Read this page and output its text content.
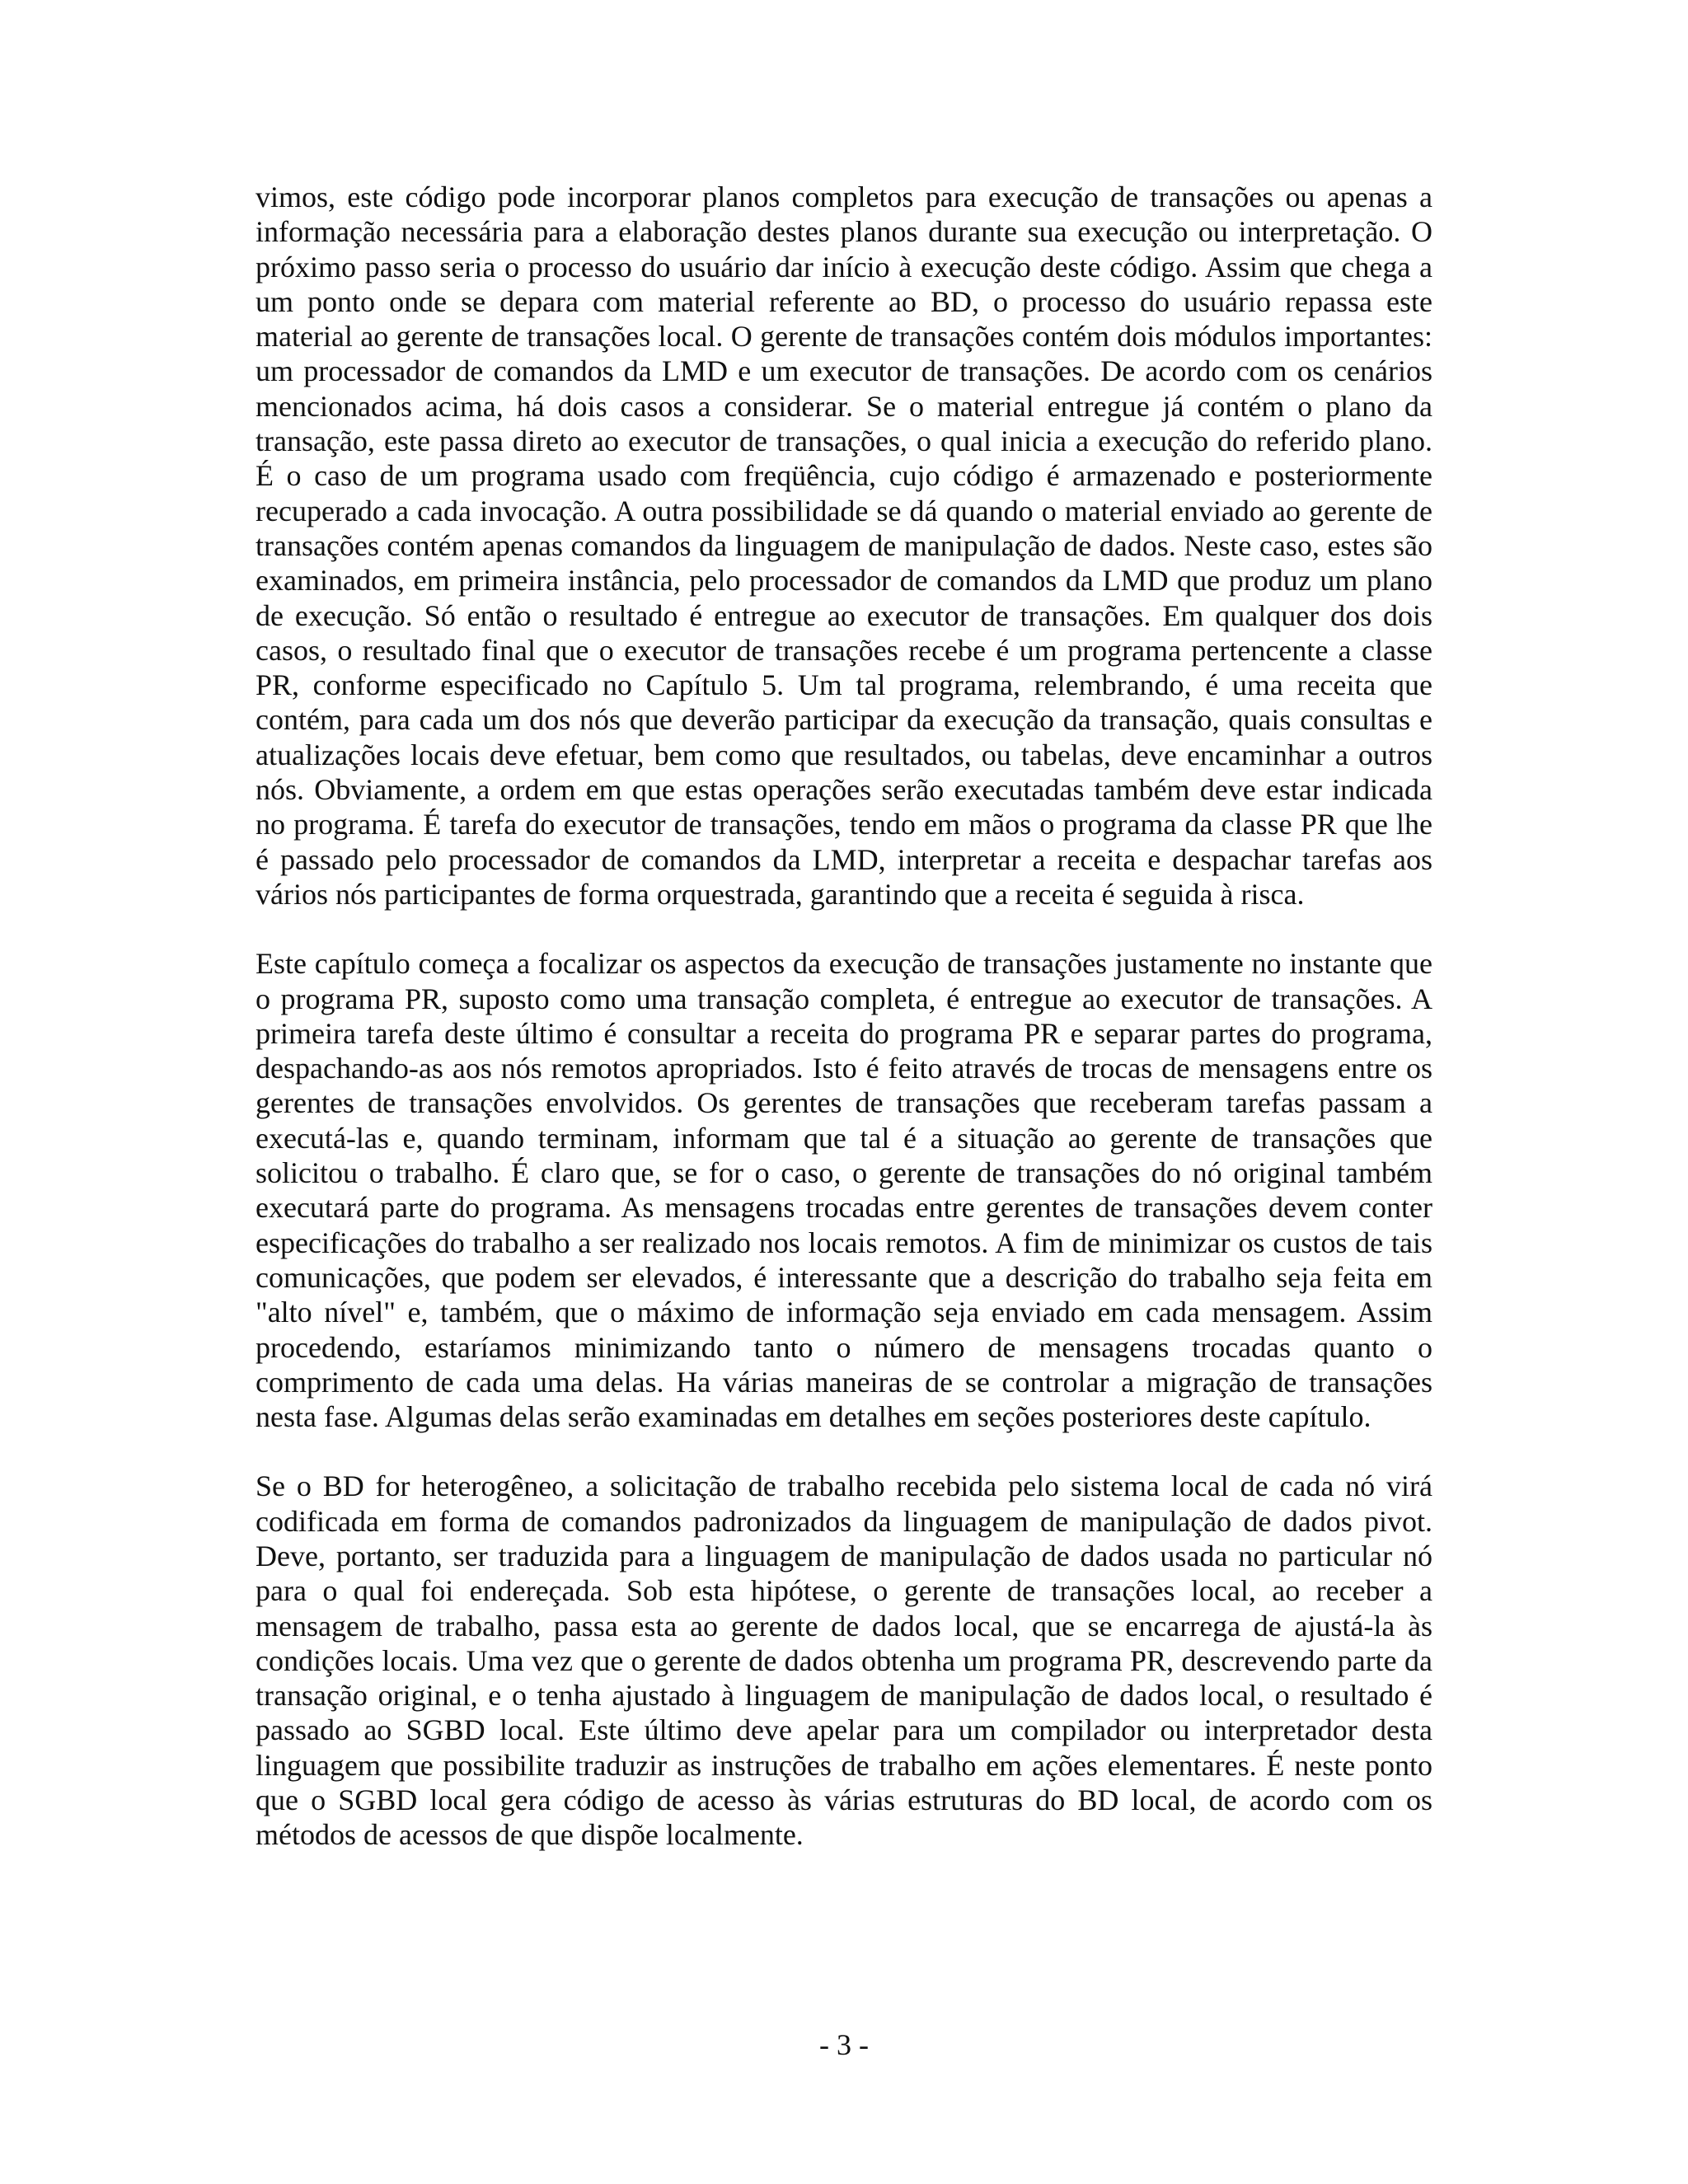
vimos, este código pode incorporar planos completos para execução de transações ou apenas a informação necessária para a elaboração destes planos durante sua execução ou interpretação. O próximo passo seria o processo do usuário dar início à execução deste código. Assim que chega a um ponto onde se depara com material referente ao BD, o processo do usuário repassa este material ao gerente de transações local. O gerente de transações contém dois módulos importantes: um processador de comandos da LMD e um executor de transações. De acordo com os cenários mencionados acima, há dois casos a considerar. Se o material entregue já contém o plano da transação, este passa direto ao executor de transações, o qual inicia a execução do referido plano. É o caso de um programa usado com freqüência, cujo código é armazenado e posteriormente recuperado a cada invocação. A outra possibilidade se dá quando o material enviado ao gerente de transações contém apenas comandos da linguagem de manipulação de dados. Neste caso, estes são examinados, em primeira instância, pelo processador de comandos da LMD que produz um plano de execução. Só então o resultado é entregue ao executor de transações. Em qualquer dos dois casos, o resultado final que o executor de transações recebe é um programa pertencente a classe PR, conforme especificado no Capítulo 5. Um tal programa, relembrando, é uma receita que contém, para cada um dos nós que deverão participar da execução da transação, quais consultas e atualizações locais deve efetuar, bem como que resultados, ou tabelas, deve encaminhar a outros nós. Obviamente, a ordem em que estas operações serão executadas também deve estar indicada no programa. É tarefa do executor de transações, tendo em mãos o programa da classe PR que lhe é passado pelo processador de comandos da LMD, interpretar a receita e despachar tarefas aos vários nós participantes de forma orquestrada, garantindo que a receita é seguida à risca.

Este capítulo começa a focalizar os aspectos da execução de transações justamente no instante que o programa PR, suposto como uma transação completa, é entregue ao executor de transações. A primeira tarefa deste último é consultar a receita do programa PR e separar partes do programa, despachando-as aos nós remotos apropriados. Isto é feito através de trocas de mensagens entre os gerentes de transações envolvidos. Os gerentes de transações que receberam tarefas passam a executá-las e, quando terminam, informam que tal é a situação ao gerente de transações que solicitou o trabalho. É claro que, se for o caso, o gerente de transações do nó original também executará parte do programa. As mensagens trocadas entre gerentes de transações devem conter especificações do trabalho a ser realizado nos locais remotos. A fim de minimizar os custos de tais comunicações, que podem ser elevados, é interessante que a descrição do trabalho seja feita em "alto nível" e, também, que o máximo de informação seja enviado em cada mensagem. Assim procedendo, estaríamos minimizando tanto o número de mensagens trocadas quanto o comprimento de cada uma delas. Ha várias maneiras de se controlar a migração de transações nesta fase. Algumas delas serão examinadas em detalhes em seções posteriores deste capítulo.

Se o BD for heterogêneo, a solicitação de trabalho recebida pelo sistema local de cada nó virá codificada em forma de comandos padronizados da linguagem de manipulação de dados pivot. Deve, portanto, ser traduzida para a linguagem de manipulação de dados usada no particular nó para o qual foi endereçada. Sob esta hipótese, o gerente de transações local, ao receber a mensagem de trabalho, passa esta ao gerente de dados local, que se encarrega de ajustá-la às condições locais. Uma vez que o gerente de dados obtenha um programa PR, descrevendo parte da transação original, e o tenha ajustado à linguagem de manipulação de dados local, o resultado é passado ao SGBD local. Este último deve apelar para um compilador ou interpretador desta linguagem que possibilite traduzir as instruções de trabalho em ações elementares. É neste ponto que o SGBD local gera código de acesso às várias estruturas do BD local, de acordo com os métodos de acessos de que dispõe localmente.

- 3 -
